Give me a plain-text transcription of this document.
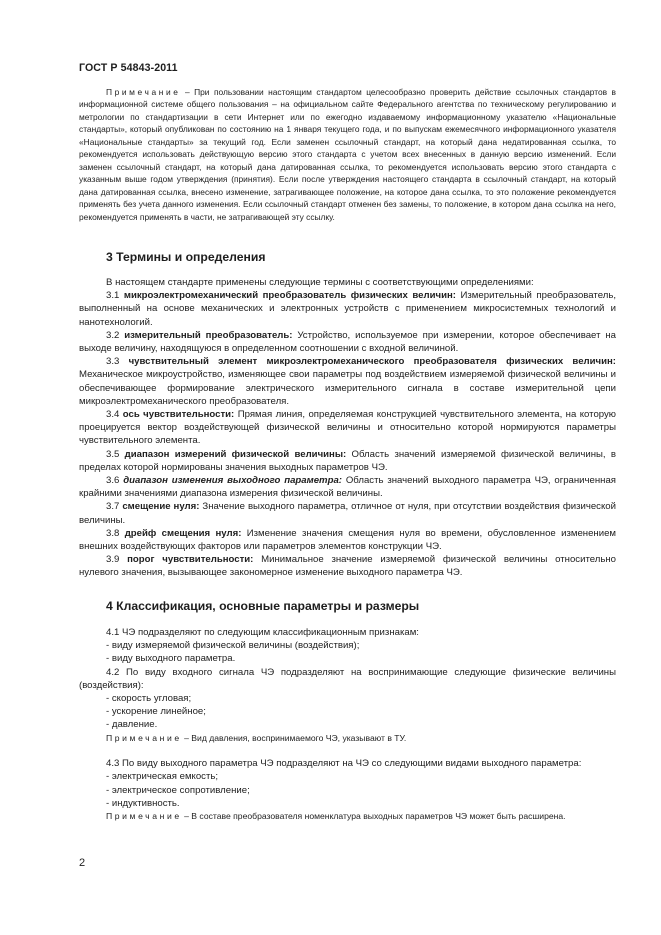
ГОСТ Р 54843-2011

Примечание – При пользовании настоящим стандартом целесообразно проверить действие ссылочных стандартов в информационной системе общего пользования – на официальном сайте Федерального агентства по техническому регулированию и метрологии по стандартизации в сети Интернет или по ежегодно издаваемому информационному указателю «Национальные стандарты», который опубликован по состоянию на 1 января текущего года, и по выпускам ежемесячного информационного указателя «Национальные стандарты» за текущий год. Если заменен ссылочный стандарт, на который дана недатированная ссылка, то рекомендуется использовать действующую версию этого стандарта с учетом всех внесенных в данную версию изменений. Если заменен ссылочный стандарт, на который дана датированная ссылка, то рекомендуется использовать версию этого стандарта с указанным выше годом утверждения (принятия). Если после утверждения настоящего стандарта в ссылочный стандарт, на который дана датированная ссылка, внесено изменение, затрагивающее положение, на которое дана ссылка, то это положение рекомендуется применять без учета данного изменения. Если ссылочный стандарт отменен без замены, то положение, в котором дана ссылка на него, рекомендуется применять в части, не затрагивающей эту ссылку.

3 Термины и определения

В настоящем стандарте применены следующие термины с соответствующими определениями:

3.1 микроэлектромеханический преобразователь физических величин: Измерительный преобразователь, выполненный на основе механических и электронных устройств с применением микросистемных технологий и нанотехнологий.

3.2 измерительный преобразователь: Устройство, используемое при измерении, которое обеспечивает на выходе величину, находящуюся в определенном соотношении с входной величиной.

3.3 чувствительный элемент микроэлектромеханического преобразователя физических величин: Механическое микроустройство, изменяющее свои параметры под воздействием измеряемой физической величины и обеспечивающее формирование электрического измерительного сигнала в составе измерительной цепи микроэлектромеханического преобразователя.

3.4 ось чувствительности: Прямая линия, определяемая конструкцией чувствительного элемента, на которую проецируется вектор воздействующей физической величины и относительно которой нормируются параметры чувствительного элемента.

3.5 диапазон измерений физической величины: Область значений измеряемой физической величины, в пределах которой нормированы значения выходных параметров ЧЭ.

3.6 диапазон изменения выходного параметра: Область значений выходного параметра ЧЭ, ограниченная крайними значениями диапазона измерения физической величины.

3.7 смещение нуля: Значение выходного параметра, отличное от нуля, при отсутствии воздействия физической величины.

3.8 дрейф смещения нуля: Изменение значения смещения нуля во времени, обусловленное изменением внешних воздействующих факторов или параметров элементов конструкции ЧЭ.

3.9 порог чувствительности: Минимальное значение измеряемой физической величины относительно нулевого значения, вызывающее закономерное изменение выходного параметра ЧЭ.

4 Классификация, основные параметры и размеры

4.1 ЧЭ подразделяют по следующим классификационным признакам:

- виду измеряемой физической величины (воздействия);

- виду выходного параметра.

4.2 По виду входного сигнала ЧЭ подразделяют на воспринимающие следующие физические величины (воздействия):

- скорость угловая;

- ускорение линейное;

- давление.

Примечание – Вид давления, воспринимаемого ЧЭ, указывают в ТУ.

4.3 По виду выходного параметра ЧЭ подразделяют на ЧЭ со следующими видами выходного параметра:

- электрическая емкость;

- электрическое сопротивление;

- индуктивность.

Примечание – В составе преобразователя номенклатура выходных параметров ЧЭ может быть расширена.

2
